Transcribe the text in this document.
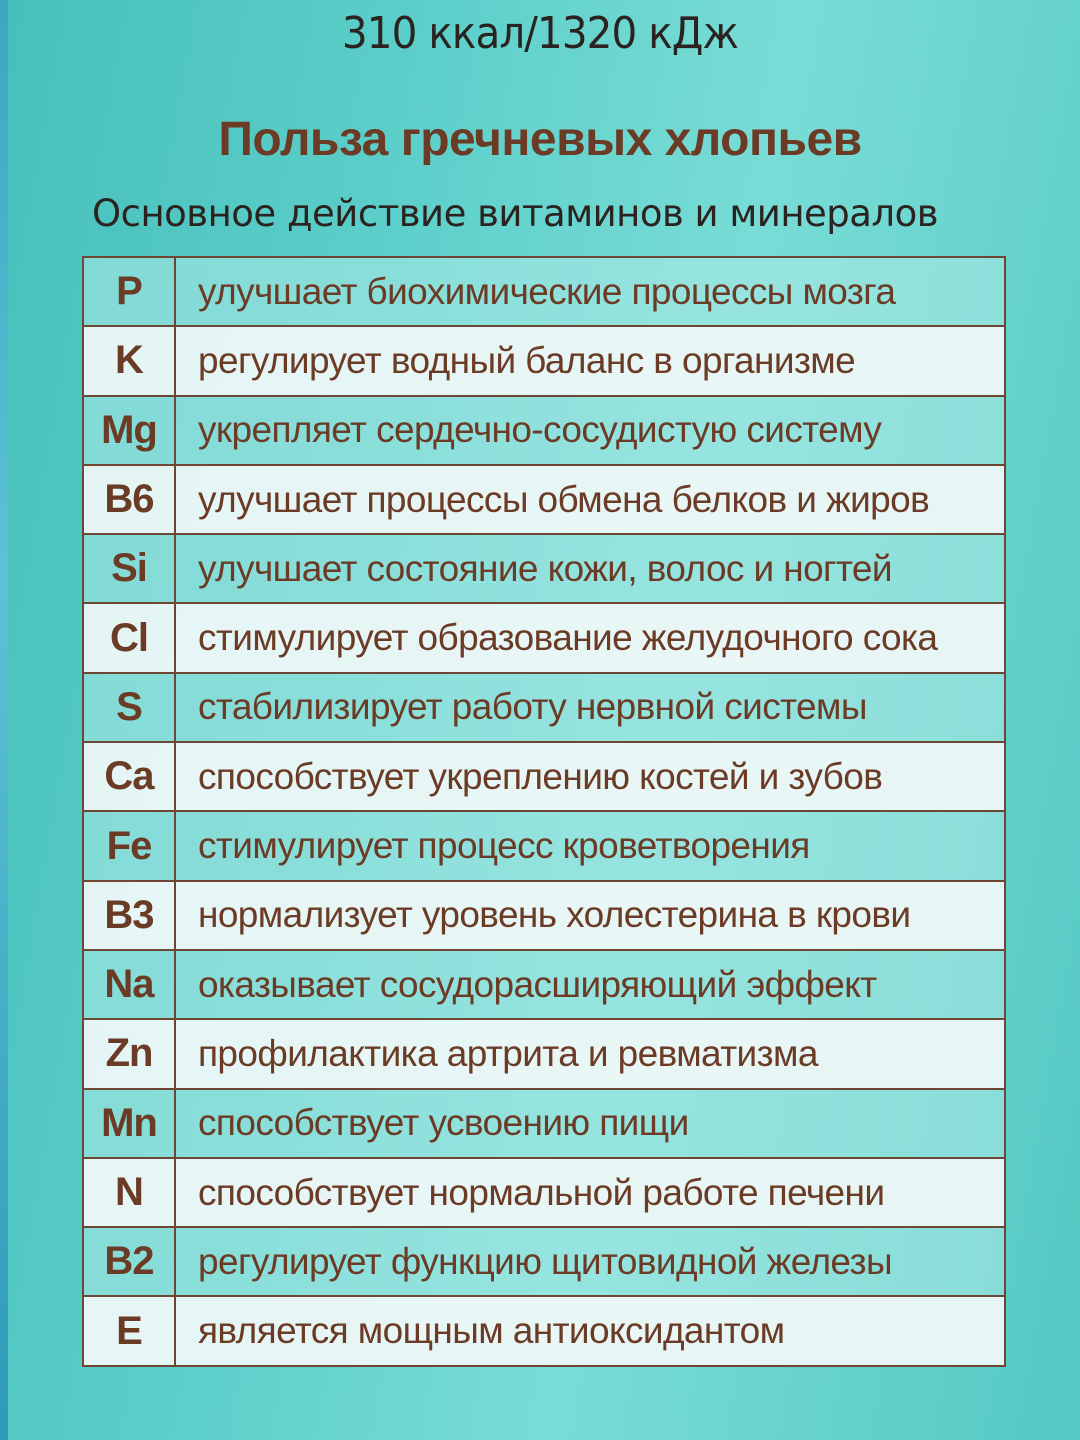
310 ккал/1320 кДж
Польза гречневых хлопьев
Основное действие витаминов и минералов
P	улучшает биохимические процессы мозга
K	регулирует водный баланс в организме
Mg	укрепляет сердечно-сосудистую систему
B6	улучшает процессы обмена белков и жиров
Si	улучшает состояние кожи, волос и ногтей
Cl	стимулирует образование желудочного сока
S	стабилизирует работу нервной системы
Ca	способствует укреплению костей и зубов
Fe	стимулирует процесс кроветворения
B3	нормализует уровень холестерина в крови
Na	оказывает сосудорасширяющий эффект
Zn	профилактика артрита и ревматизма
Mn	способствует усвоению пищи
N	способствует нормальной работе печени
B2	регулирует функцию щитовидной железы
E	является мощным антиоксидантом
